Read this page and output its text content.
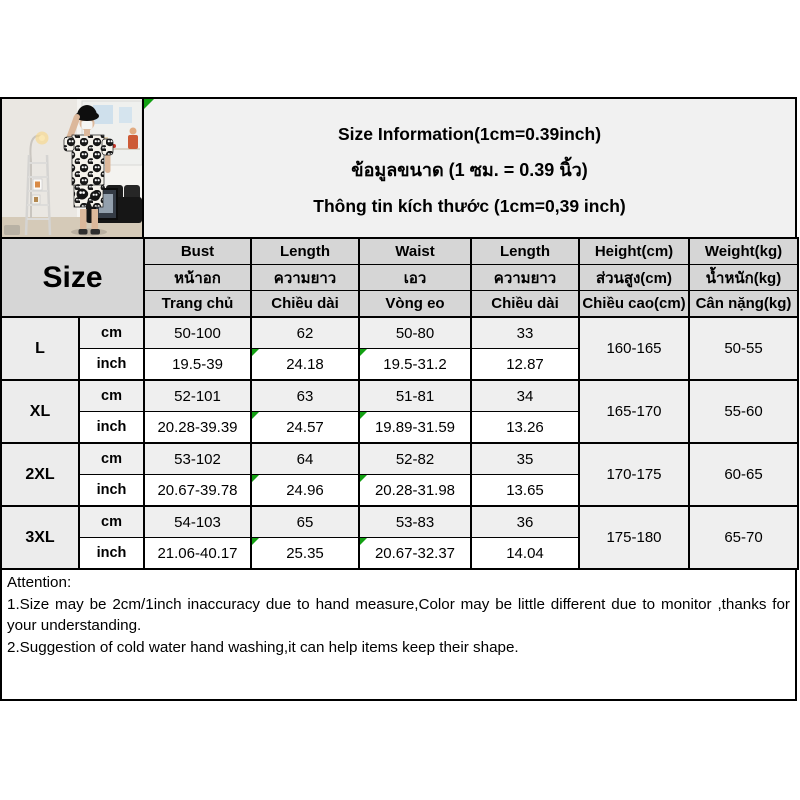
Size Information(1cm=0.39inch)
ข้อมูลขนาด (1 ซม. = 0.39 นิ้ว)
Thông tin kích thước (1cm=0,39 inch)
Size		Bust	Length	Waist	Length	Height(cm)	Weight(kg)
		หน้าอก	ความยาว	เอว	ความยาว	ส่วนสูง(cm)	น้ำหนัก(kg)
		Trang chủ	Chiều dài	Vòng eo	Chiều dài	Chiều cao(cm)	Cân nặng(kg)
L	cm	50-100	62	50-80	33	160-165	50-55
	inch	19.5-39	24.18	19.5-31.2	12.87		
XL	cm	52-101	63	51-81	34	165-170	55-60
	inch	20.28-39.39	24.57	19.89-31.59	13.26		
2XL	cm	53-102	64	52-82	35	170-175	60-65
	inch	20.67-39.78	24.96	20.28-31.98	13.65		
3XL	cm	54-103	65	53-83	36	175-180	65-70
	inch	21.06-40.17	25.35	20.67-32.37	14.04		
Attention:
1.Size may be 2cm/1inch inaccuracy due to hand measure,Color may be little different due to monitor ,thanks for your understanding.
2.Suggestion of cold water hand washing,it can help items keep their shape.
